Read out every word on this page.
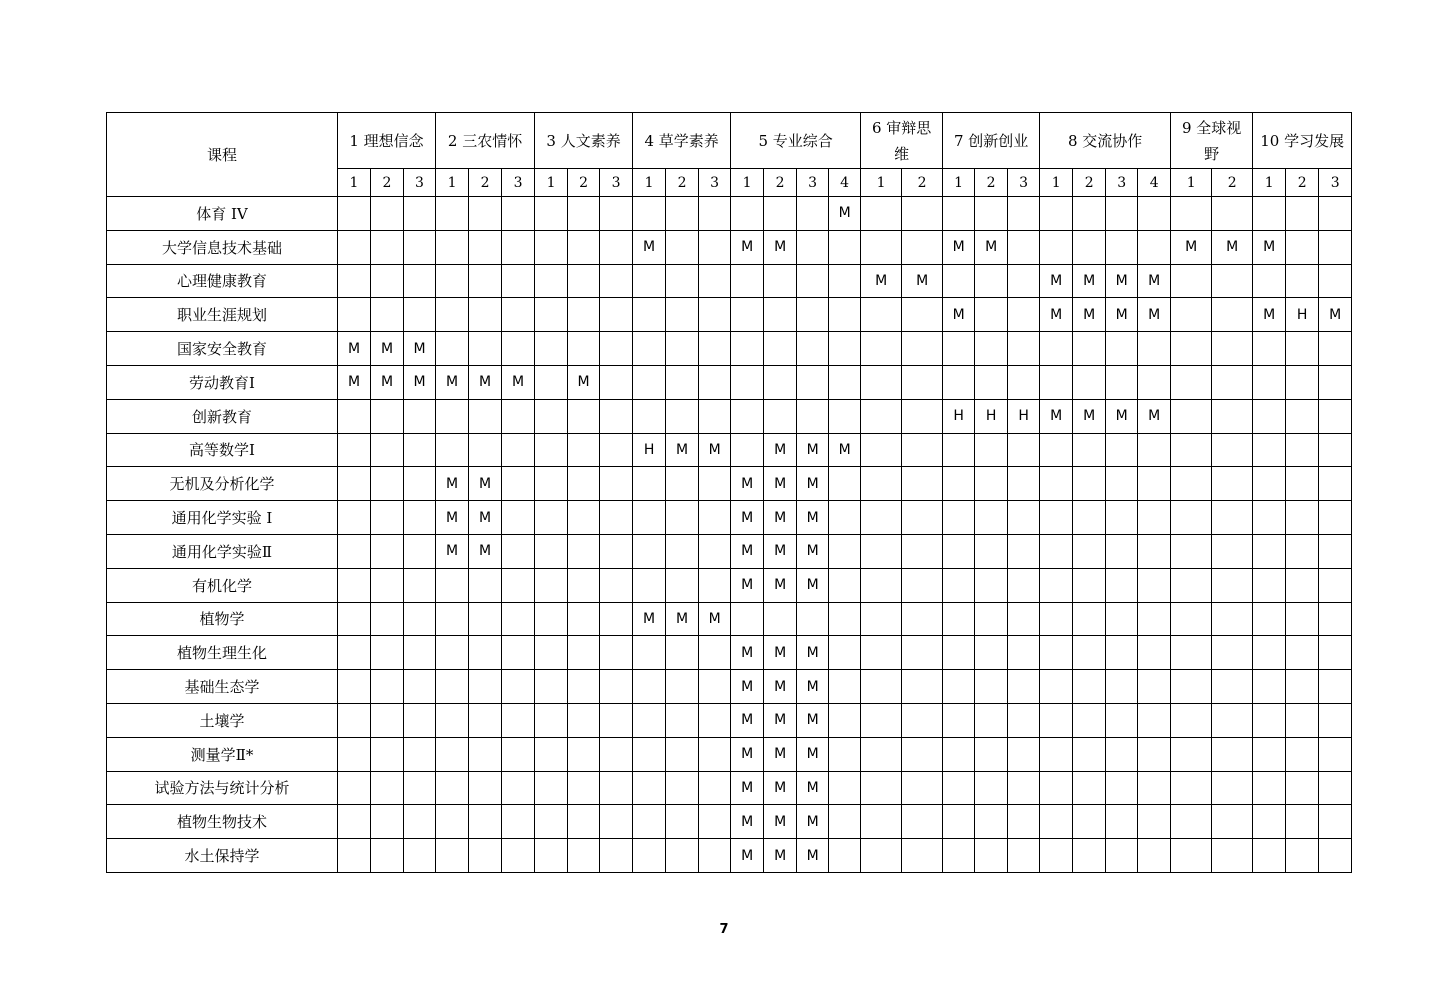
课程	1 理想信念			2 三农情怀			3 人文素养			4 草学素养			5 专业综合				6 审辩思维		7 创新创业			8 交流协作				9 全球视野		10 学习发展		
	1	2	3	1	2	3	1	2	3	1	2	3	1	2	3	4	1	2	1	2	3	1	2	3	4	1	2	1	2	3
体育 IV																M														
大学信息技术基础										M			M	M					M	M						M	M	M		
心理健康教育																	M	M				M	M	M	M					
职业生涯规划																			M			M	M	M	M			M	H	M
国家安全教育	M	M	M																											
劳动教育Ⅰ	M	M	M	M	M	M		M																						
创新教育																			H	H	H	M	M	M	M					
高等数学Ⅰ										H	M	M		M	M	M														
无机及分析化学				M	M								M	M	M															
通用化学实验 Ⅰ				M	M								M	M	M															
通用化学实验Ⅱ				M	M								M	M	M															
有机化学													M	M	M															
植物学										M	M	M																		
植物生理生化													M	M	M															
基础生态学													M	M	M															
土壤学													M	M	M															
测量学Ⅱ*													M	M	M															
试验方法与统计分析													M	M	M															
植物生物技术													M	M	M															
水土保持学													M	M	M															
7
